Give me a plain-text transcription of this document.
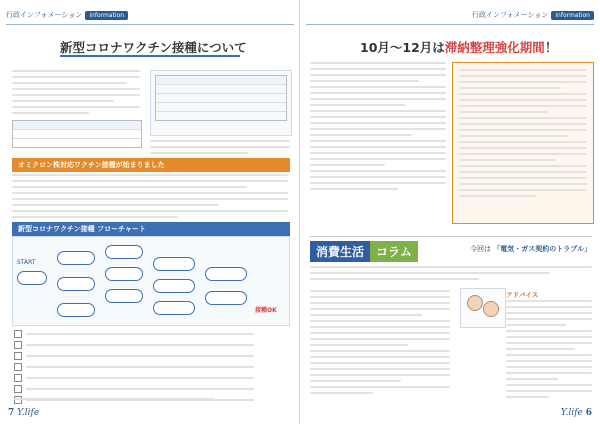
行政インフォメーション	information
新型コロナワクチン接種について
オミクロン株対応ワクチン接種が始まりました
新型コロナワクチン接種 フローチャート
START
接種OK
7 Y.life
行政インフォメーション	information
10月〜12月は滞納整理強化期間！
消費生活	コラム	今回は 「電気・ガス契約のトラブル」
アドバイス
Y.life 6
